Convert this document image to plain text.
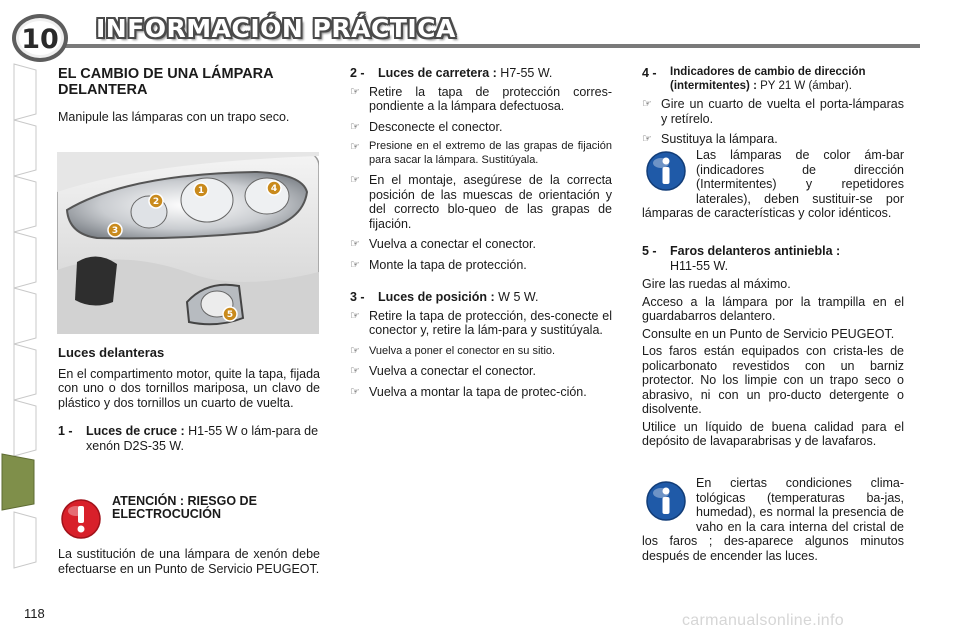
10 INFORMACIÓN PRÁCTICA
EL CAMBIO DE UNA LÁMPARA DELANTERA
Manipule las lámparas con un trapo seco.
1
2
3
4
5
Luces delanteras
En el compartimento motor, quite la tapa, fijada con uno o dos tornillos mariposa, un clavo de plástico y dos tornillos un cuarto de vuelta.
1 -	Luces de cruce : H1-55 W o lám-para de xenón D2S-35 W.
ATENCIÓN : RIESGO DE ELECTROCUCIÓN
La sustitución de una lámpara de xenón debe efectuarse en un Punto de Servicio PEUGEOT.
2 -	Luces de carretera : H7-55 W.
☞ Retire la tapa de protección corres-pondiente a la lámpara defectuosa.
☞ Desconecte el conector.
☞ Presione en el extremo de las grapas de fijación para sacar la lámpara. Sustitúyala.
☞ En el montaje, asegúrese de la correcta posición de las muescas de orientación y del correcto blo-queo de las grapas de fijación.
☞ Vuelva a conectar el conector.
☞ Monte la tapa de protección.
3 -	Luces de posición : W 5 W.
☞ Retire la tapa de protección, des-conecte el conector y, retire la lám-para y sustitúyala.
☞ Vuelva a poner el conector en su sitio.
☞ Vuelva a conectar el conector.
☞ Vuelva a montar la tapa de protec-ción.
4 -	Indicadores de cambio de dirección (intermitentes) : PY 21 W (ámbar).
☞ Gire un cuarto de vuelta el porta-lámparas y retírelo.
☞ Sustituya la lámpara.
Las lámparas de color ám-bar (indicadores de dirección (Intermitentes) y repetidores laterales), deben sustituir-se por lámparas de características y color idénticos.
5 -	Faros delanteros antiniebla :
H11-55 W.
Gire las ruedas al máximo.
Acceso a la lámpara por la trampilla en el guardabarros delantero.
Consulte en un Punto de Servicio PEUGEOT.
Los faros están equipados con crista-les de policarbonato revestidos con un barniz protector. No los limpie con un trapo seco o abrasivo, ni con un pro-ducto detergente o disolvente.
Utilice un líquido de buena calidad para el depósito de lavaparabrisas y de lavafaros.
En ciertas condiciones clima-tológicas (temperaturas ba-jas, humedad), es normal la presencia de vaho en la cara interna del cristal de los faros ; des-aparece algunos minutos después de encender las luces.
118	carmanualsonline.info
